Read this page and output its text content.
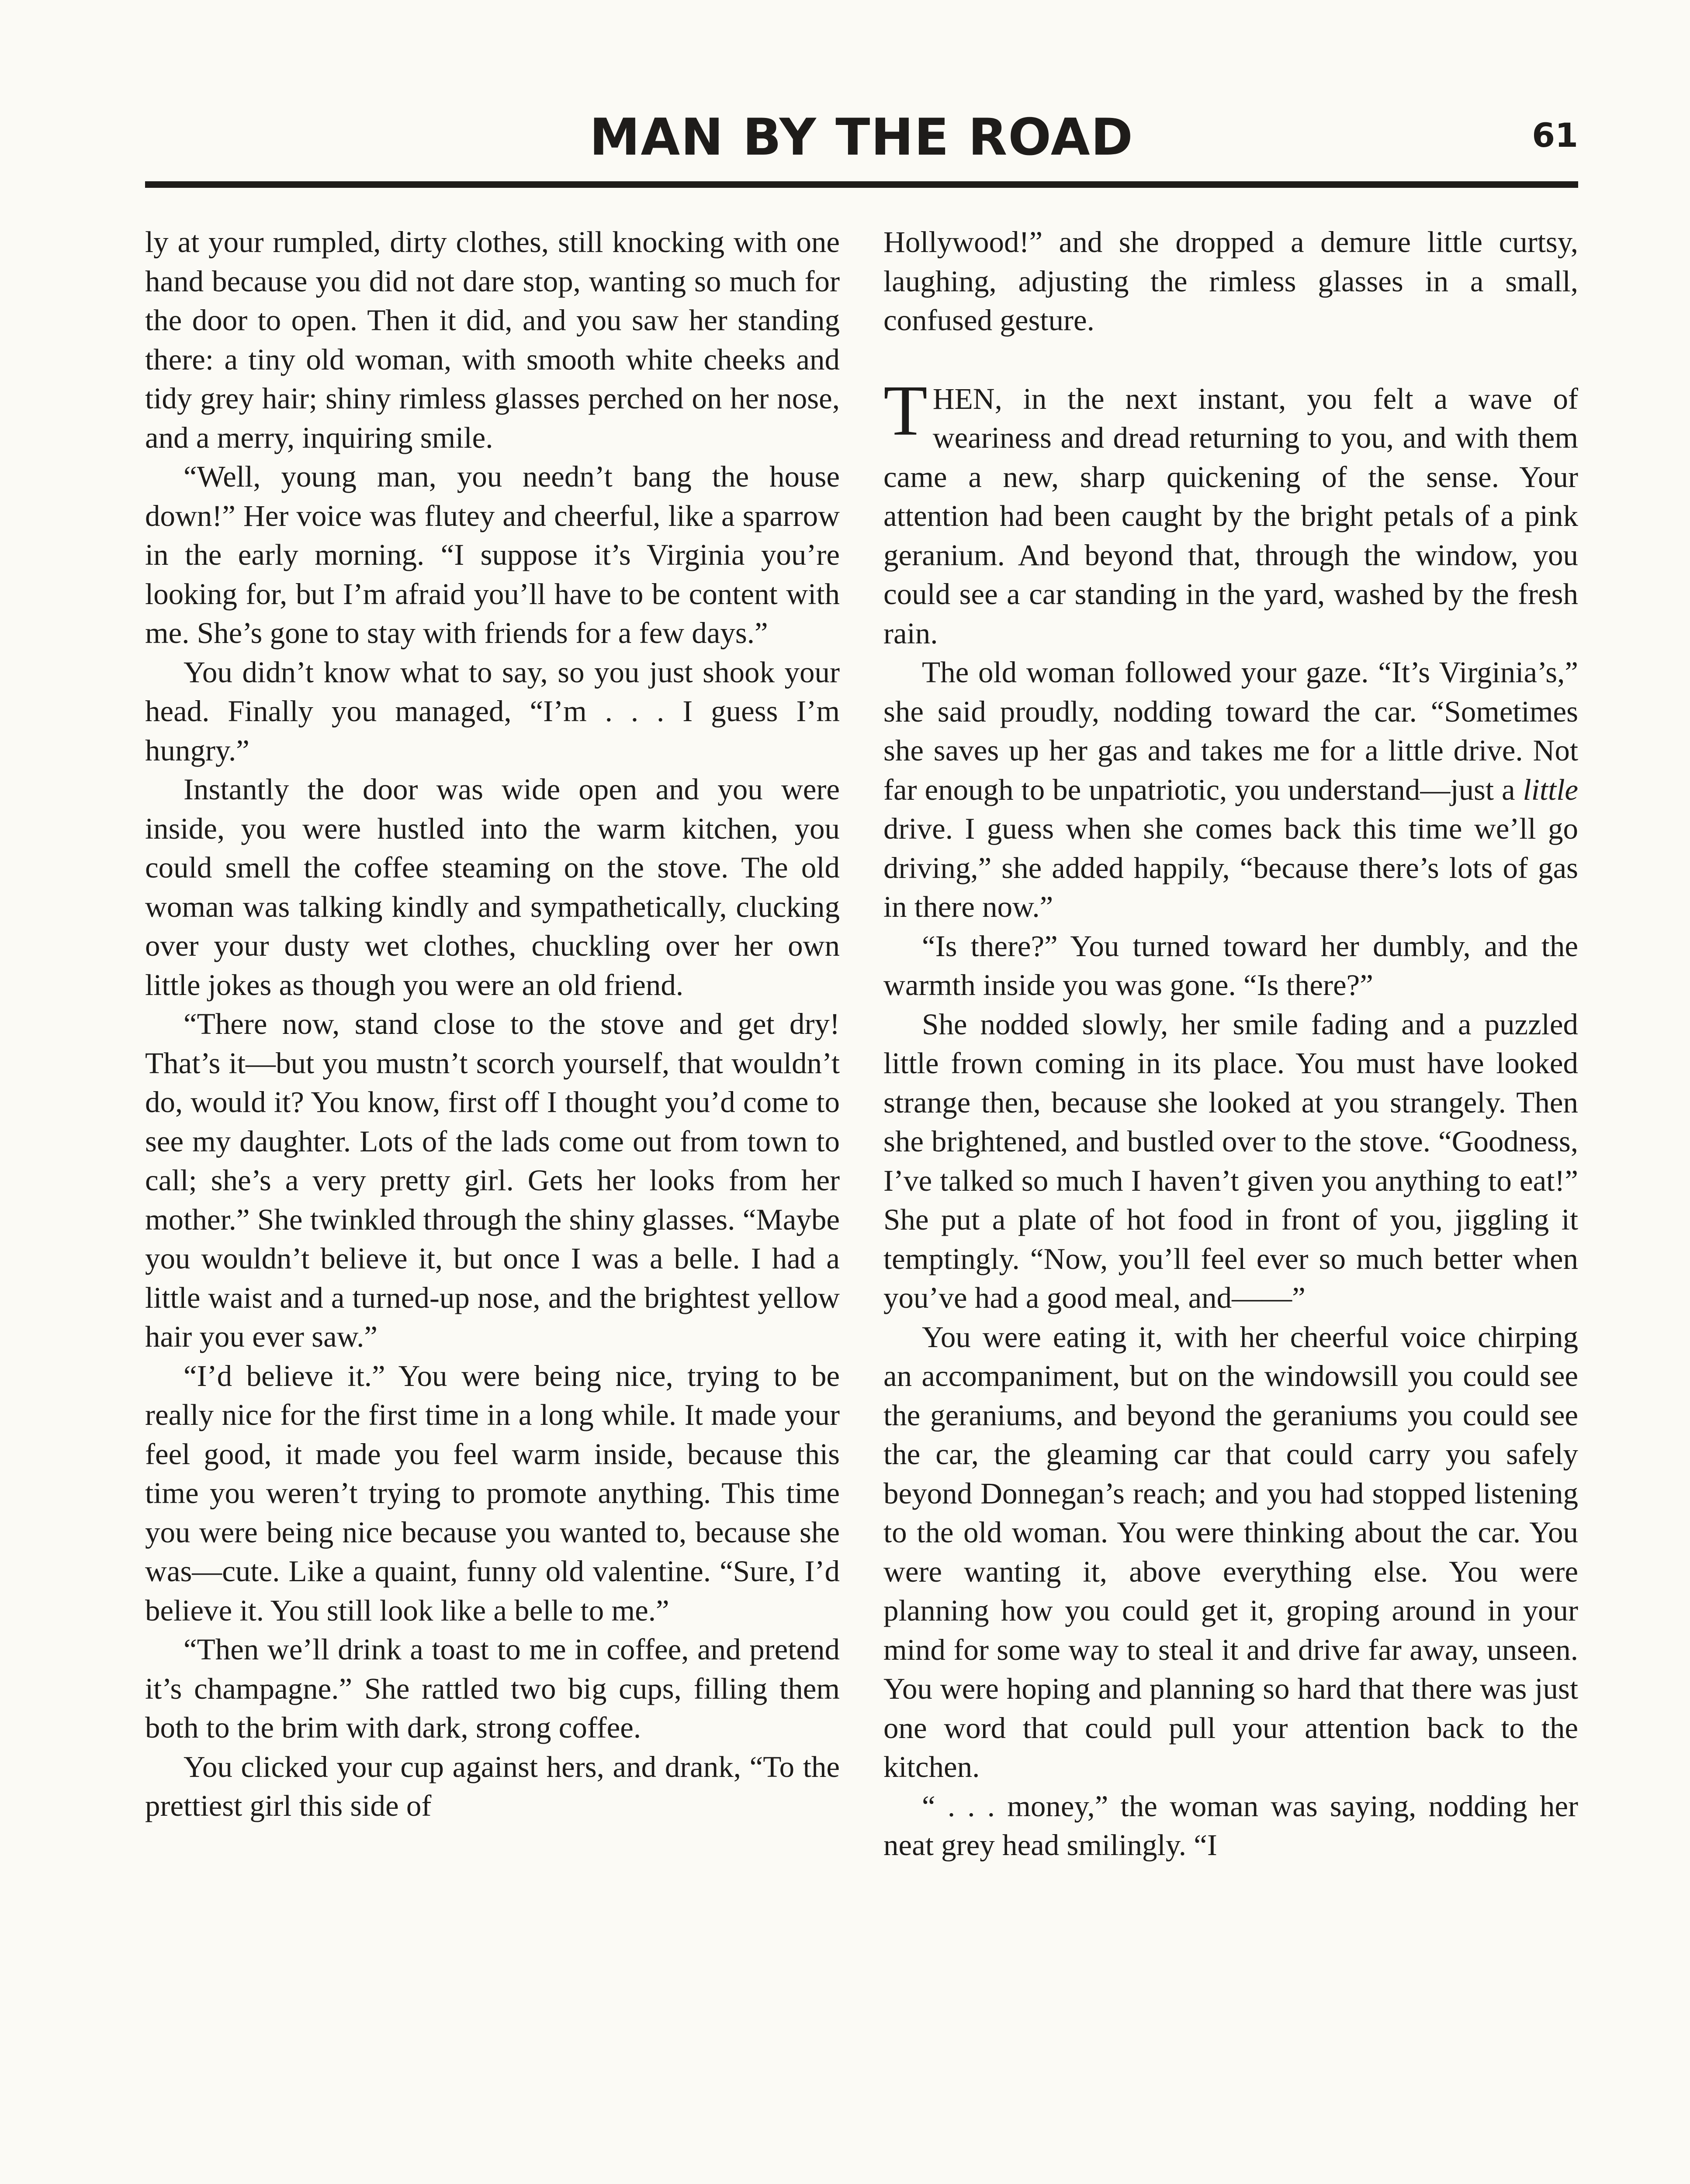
MAN BY THE ROAD	61

ly at your rumpled, dirty clothes, still knocking with one hand because you did not dare stop, wanting so much for the door to open. Then it did, and you saw her standing there: a tiny old woman, with smooth white cheeks and tidy grey hair; shiny rimless glasses perched on her nose, and a merry, inquiring smile.

“Well, young man, you needn’t bang the house down!” Her voice was flutey and cheerful, like a sparrow in the early morning. “I suppose it’s Virginia you’re looking for, but I’m afraid you’ll have to be content with me. She’s gone to stay with friends for a few days.”

You didn’t know what to say, so you just shook your head. Finally you managed, “I’m . . . I guess I’m hungry.”

Instantly the door was wide open and you were inside, you were hustled into the warm kitchen, you could smell the coffee steaming on the stove. The old woman was talking kindly and sympathetically, clucking over your dusty wet clothes, chuckling over her own little jokes as though you were an old friend.

“There now, stand close to the stove and get dry! That’s it—but you mustn’t scorch yourself, that wouldn’t do, would it? You know, first off I thought you’d come to see my daughter. Lots of the lads come out from town to call; she’s a very pretty girl. Gets her looks from her mother.” She twinkled through the shiny glasses. “Maybe you wouldn’t believe it, but once I was a belle. I had a little waist and a turned-up nose, and the brightest yellow hair you ever saw.”

“I’d believe it.” You were being nice, trying to be really nice for the first time in a long while. It made your feel good, it made you feel warm inside, because this time you weren’t trying to promote anything. This time you were being nice because you wanted to, because she was—cute. Like a quaint, funny old valentine. “Sure, I’d believe it. You still look like a belle to me.”

“Then we’ll drink a toast to me in coffee, and pretend it’s champagne.” She rattled two big cups, filling them both to the brim with dark, strong coffee.

You clicked your cup against hers, and drank, “To the prettiest girl this side of

Hollywood!” and she dropped a demure little curtsy, laughing, adjusting the rimless glasses in a small, confused gesture.

THEN, in the next instant, you felt a wave of weariness and dread returning to you, and with them came a new, sharp quickening of the sense. Your attention had been caught by the bright petals of a pink geranium. And beyond that, through the window, you could see a car standing in the yard, washed by the fresh rain.

The old woman followed your gaze. “It’s Virginia’s,” she said proudly, nodding toward the car. “Sometimes she saves up her gas and takes me for a little drive. Not far enough to be unpatriotic, you understand—just a little drive. I guess when she comes back this time we’ll go driving,” she added happily, “because there’s lots of gas in there now.”

“Is there?” You turned toward her dumbly, and the warmth inside you was gone. “Is there?”

She nodded slowly, her smile fading and a puzzled little frown coming in its place. You must have looked strange then, because she looked at you strangely. Then she brightened, and bustled over to the stove. “Goodness, I’ve talked so much I haven’t given you anything to eat!” She put a plate of hot food in front of you, jiggling it temptingly. “Now, you’ll feel ever so much better when you’ve had a good meal, and——”

You were eating it, with her cheerful voice chirping an accompaniment, but on the windowsill you could see the geraniums, and beyond the geraniums you could see the car, the gleaming car that could carry you safely beyond Donnegan’s reach; and you had stopped listening to the old woman. You were thinking about the car. You were wanting it, above everything else. You were planning how you could get it, groping around in your mind for some way to steal it and drive far away, unseen. You were hoping and planning so hard that there was just one word that could pull your attention back to the kitchen.

“ . . . money,” the woman was saying, nodding her neat grey head smilingly. “I
